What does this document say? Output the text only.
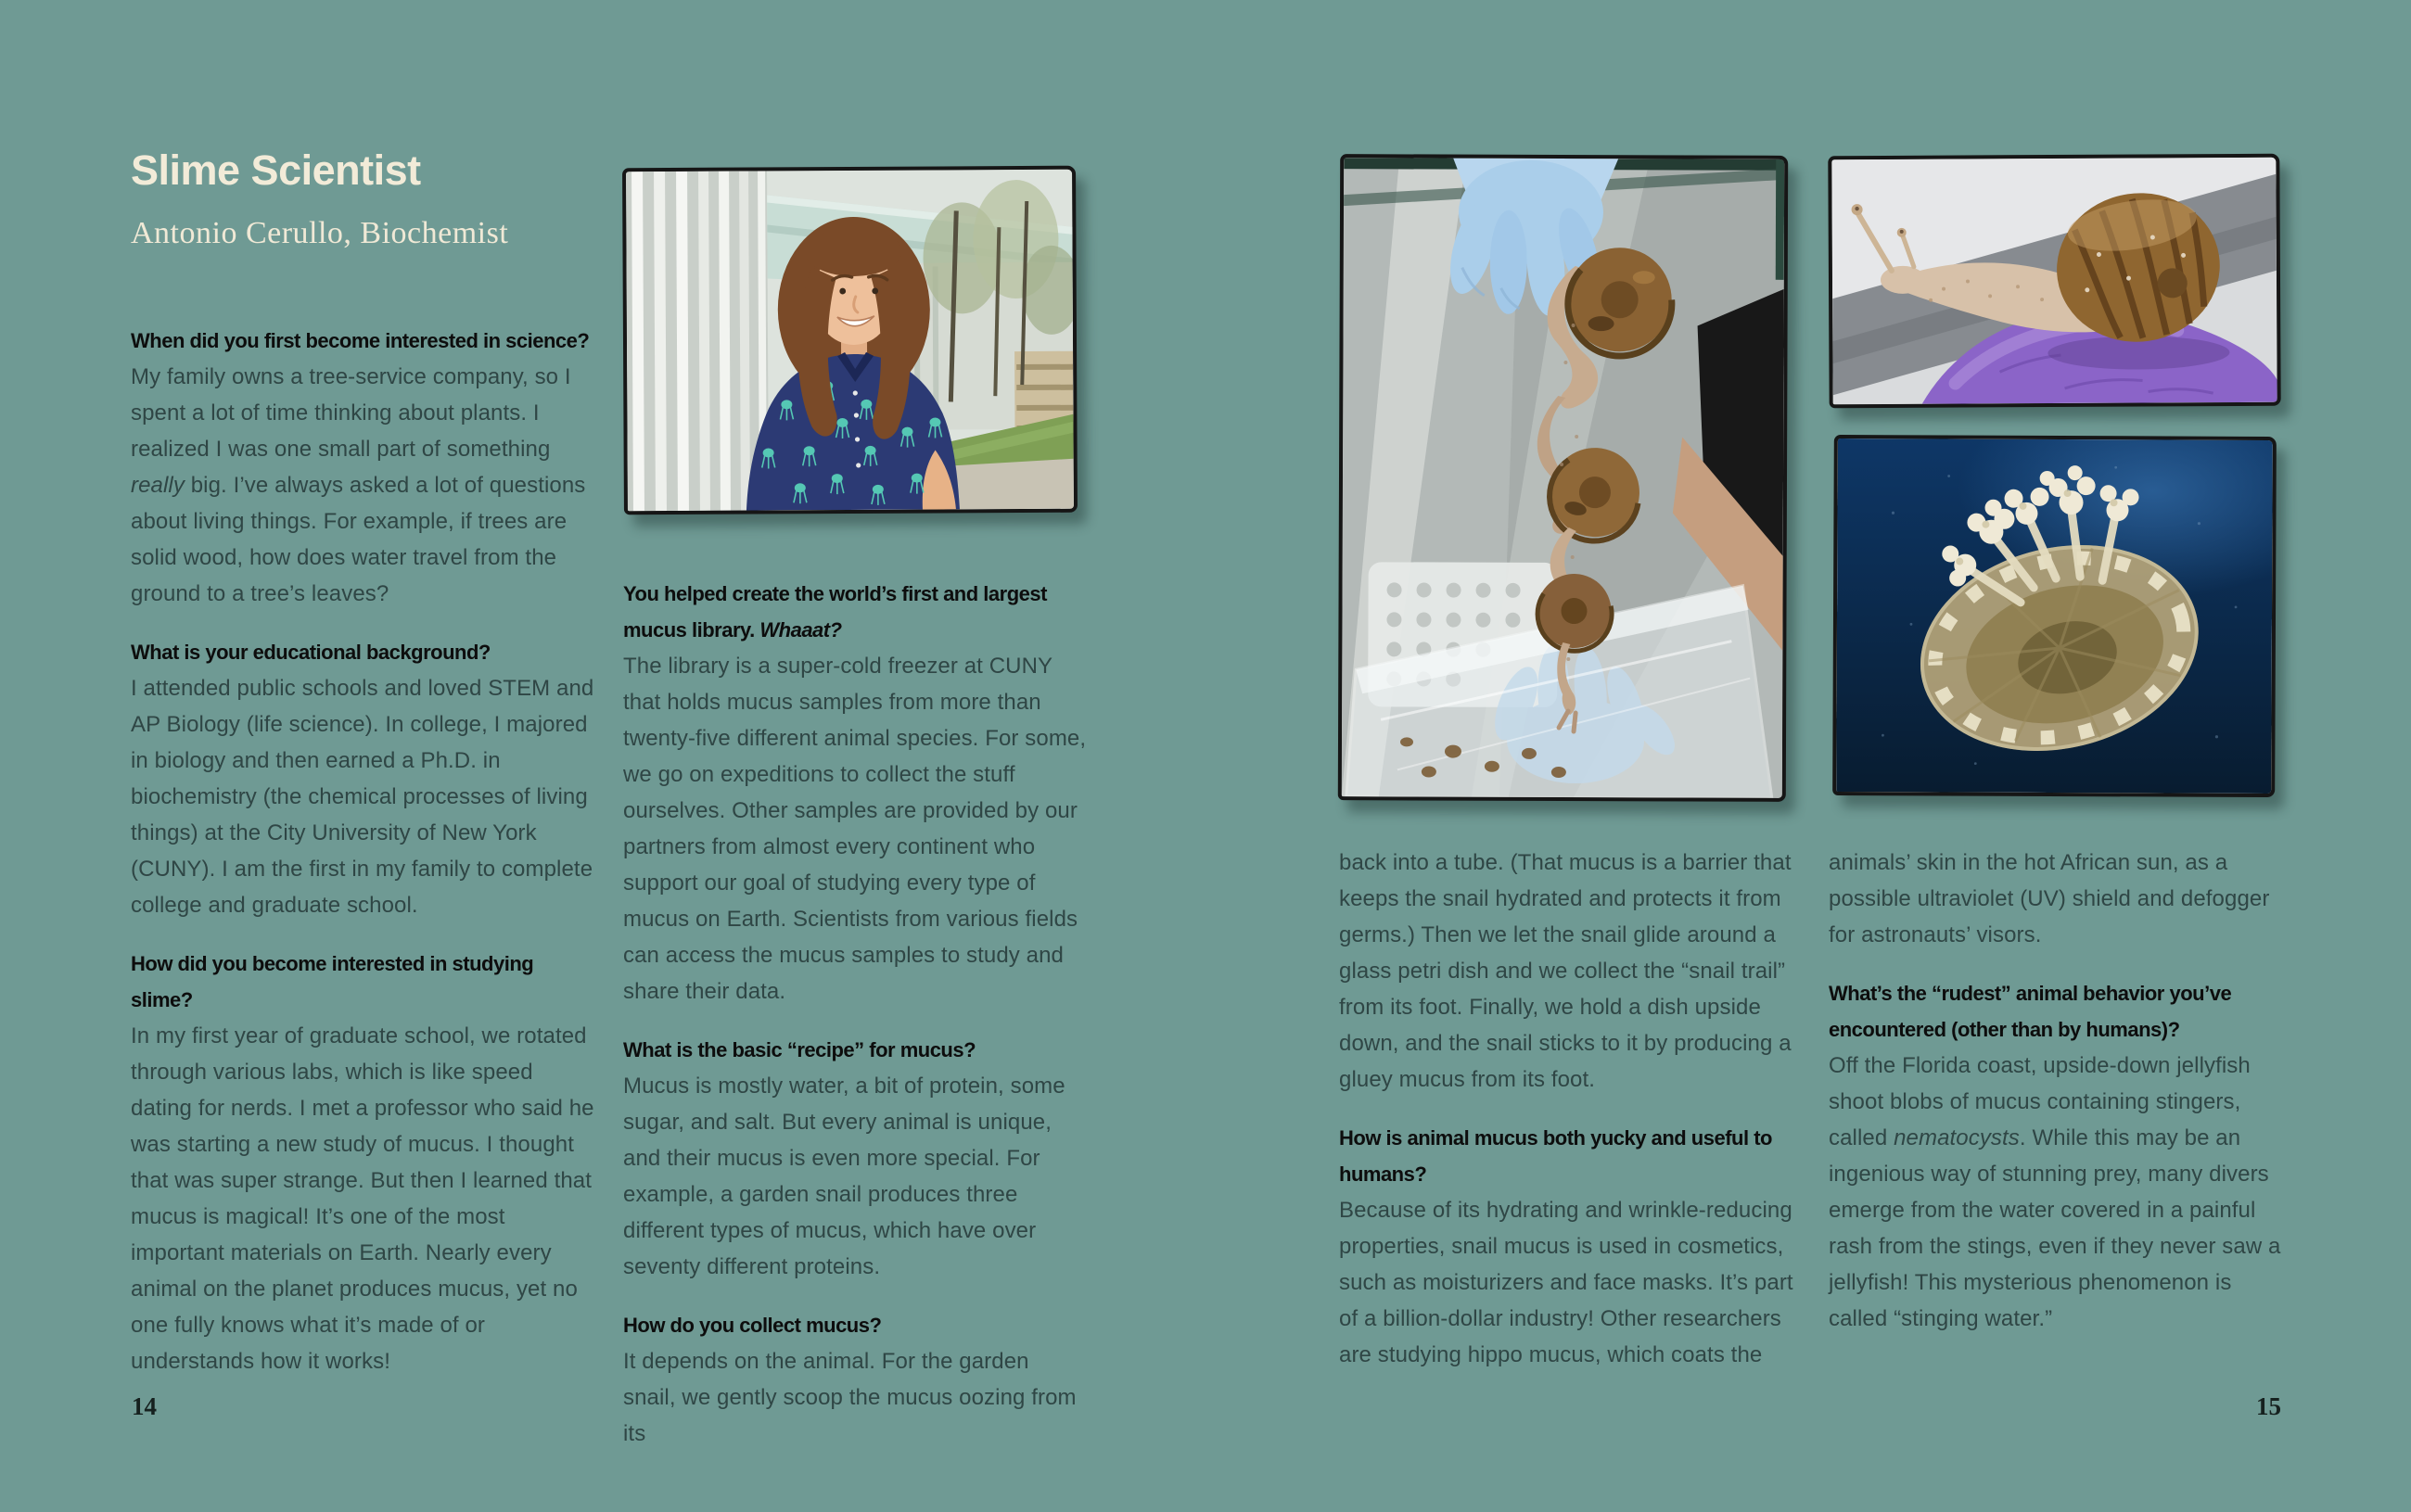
Slime Scientist
Antonio Cerullo, Biochemist

When did you first become interested in science?

My family owns a tree-service company, so I spent a lot of time thinking about plants. I realized I was one small part of something really big. I’ve always asked a lot of questions about living things. For example, if trees are solid wood, how does water travel from the ground to a tree’s leaves?

What is your educational background?

I attended public schools and loved STEM and AP Biology (life science). In college, I majored in biology and then earned a Ph.D. in biochemistry (the chemical processes of living things) at the City University of New York (CUNY). I am the first in my family to complete college and graduate school.

How did you become interested in studying slime?

In my first year of graduate school, we rotated through various labs, which is like speed dating for nerds. I met a professor who said he was starting a new study of mucus. I thought that was super strange. But then I learned that mucus is magical! It’s one of the most important materials on Earth. Nearly every animal on the planet produces mucus, yet no one fully knows what it’s made of or understands how it works!

You helped create the world’s first and largest mucus library. Whaaat?

The library is a super-cold freezer at CUNY that holds mucus samples from more than twenty-five different animal species. For some, we go on expeditions to collect the stuff ourselves. Other samples are provided by our partners from almost every continent who support our goal of studying every type of mucus on Earth. Scientists from various fields can access the mucus samples to study and share their data.

What is the basic “recipe” for mucus?

Mucus is mostly water, a bit of protein, some sugar, and salt. But every animal is unique, and their mucus is even more special. For example, a garden snail produces three different types of mucus, which have over seventy different proteins.

How do you collect mucus?

It depends on the animal. For the garden snail, we gently scoop the mucus oozing from its

back into a tube. (That mucus is a barrier that keeps the snail hydrated and protects it from germs.) Then we let the snail glide around a glass petri dish and we collect the “snail trail” from its foot. Finally, we hold a dish upside down, and the snail sticks to it by producing a gluey mucus from its foot.

How is animal mucus both yucky and useful to humans?

Because of its hydrating and wrinkle-reducing properties, snail mucus is used in cosmetics, such as moisturizers and face masks. It’s part of a billion-dollar industry! Other researchers are studying hippo mucus, which coats the

animals’ skin in the hot African sun, as a possible ultraviolet (UV) shield and defogger for astronauts’ visors.

What’s the “rudest” animal behavior you’ve encountered (other than by humans)?

Off the Florida coast, upside-down jellyfish shoot blobs of mucus containing stingers, called nematocysts. While this may be an ingenious way of stunning prey, many divers emerge from the water covered in a painful rash from the stings, even if they never saw a jellyfish! This mysterious phenomenon is called “stinging water.”

14	15
